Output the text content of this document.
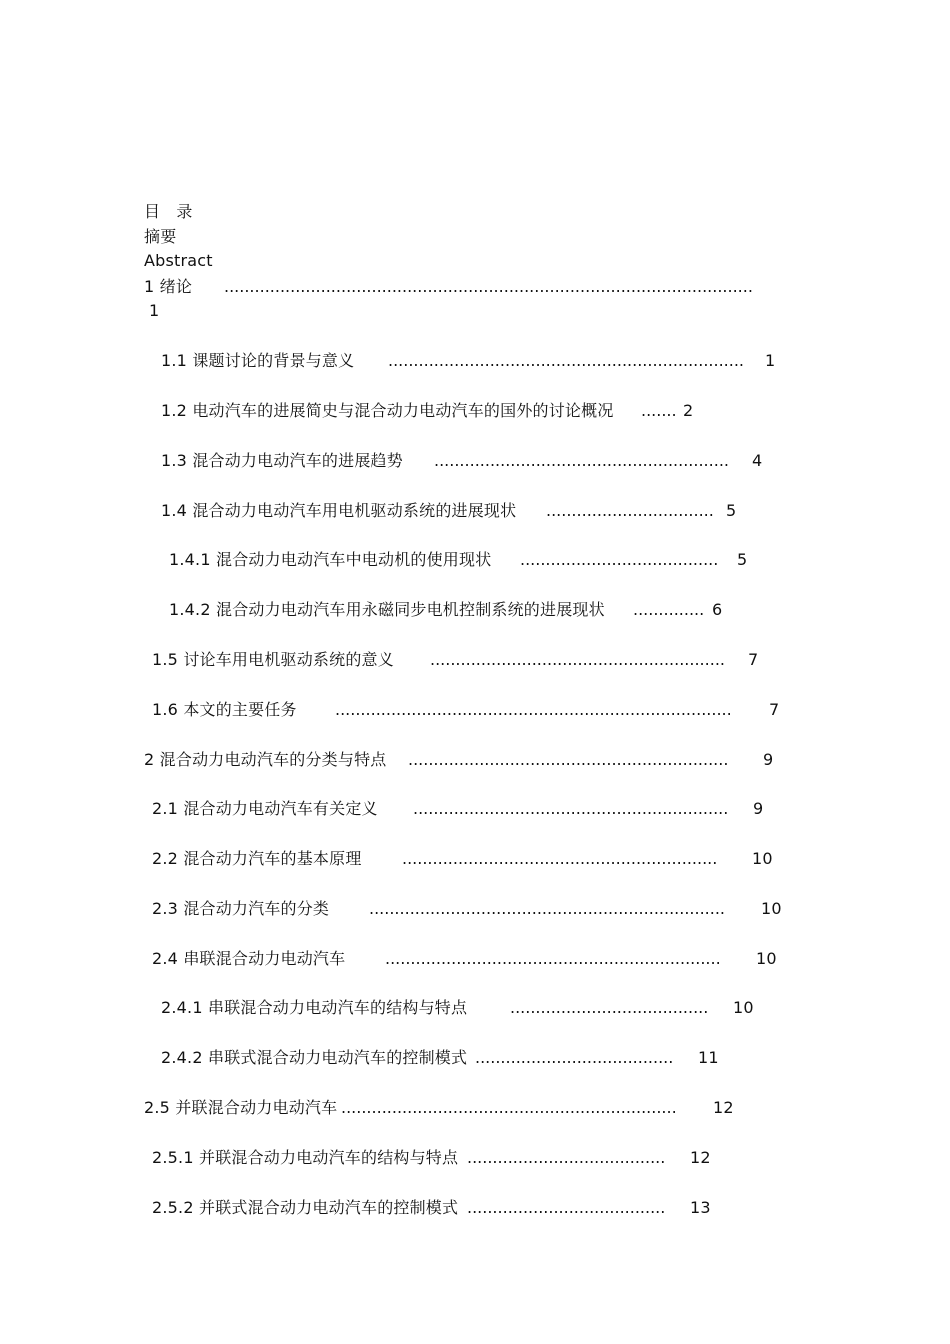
目　录
摘要
Abstract
1 绪论 ........................................................................................................
1
1.1 课题讨论的背景与意义 ...................................................................... 1
1.2 电动汽车的进展简史与混合动力电动汽车的国外的讨论概况 ....... 2
1.3 混合动力电动汽车的进展趋势 .......................................................... 4
1.4 混合动力电动汽车用电机驱动系统的进展现状 ................................. 5
1.4.1 混合动力电动汽车中电动机的使用现状 ....................................... 5
1.4.2 混合动力电动汽车用永磁同步电机控制系统的进展现状 .............. 6
1.5 讨论车用电机驱动系统的意义 .......................................................... 7
1.6 本文的主要任务 .............................................................................. 7
2 混合动力电动汽车的分类与特点 ............................................................... 9
2.1 混合动力电动汽车有关定义 .............................................................. 9
2.2 混合动力汽车的基本原理	.............................................................. 10
2.3 混合动力汽车的分类 ...................................................................... 10
2.4 串联混合动力电动汽车 .................................................................. 10
2.4.1 串联混合动力电动汽车的结构与特点	....................................... 10
2.4.2 串联式混合动力电动汽车的控制模式 ....................................... 11
2.5 并联混合动力电动汽车 .................................................................. 12
2.5.1 并联混合动力电动汽车的结构与特点 ....................................... 12
2.5.2 并联式混合动力电动汽车的控制模式 ....................................... 13
